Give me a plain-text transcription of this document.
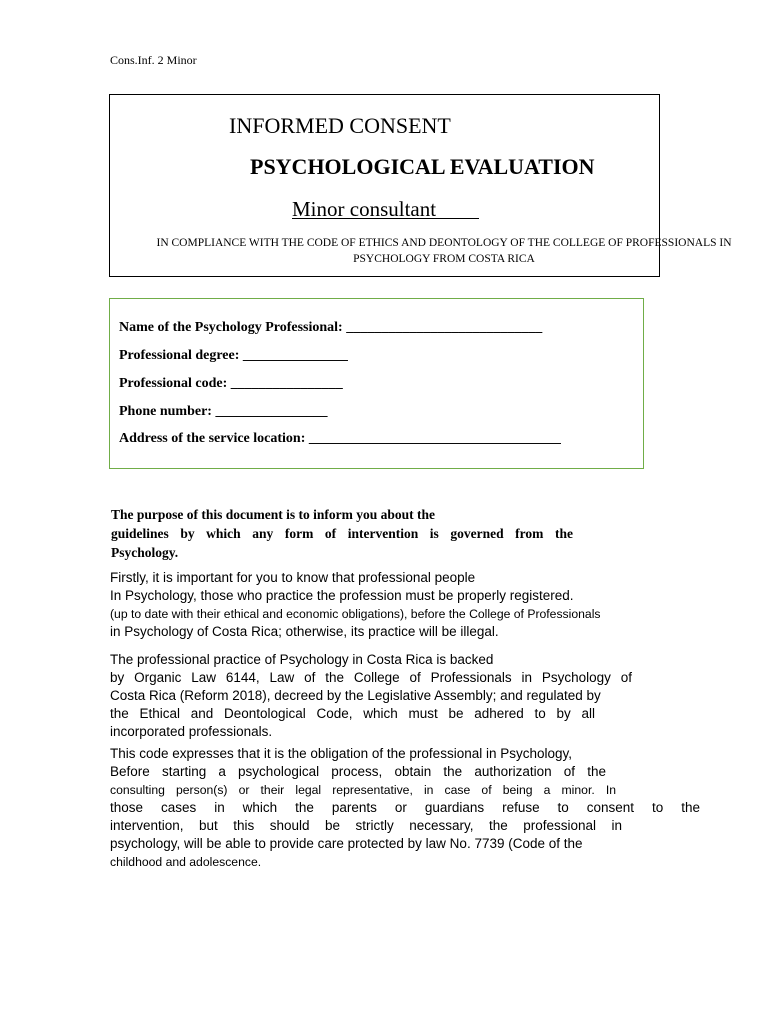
Cons.Inf. 2 Minor
INFORMED CONSENT
PSYCHOLOGICAL EVALUATION
Minor consultant
IN COMPLIANCE WITH THE CODE OF ETHICS AND DEONTOLOGY OF THE COLLEGE OF PROFESSIONALS IN PSYCHOLOGY FROM COSTA RICA
Name of the Psychology Professional: ____________________________
Professional degree: _______________
Professional code: ________________
Phone number: ________________
Address of the service location: ____________________________________
The purpose of this document is to inform you about the
guidelines by which any form of intervention is governed from the
Psychology.
Firstly, it is important for you to know that professional people
In Psychology, those who practice the profession must be properly registered.
(up to date with their ethical and economic obligations), before the College of Professionals
in Psychology of Costa Rica; otherwise, its practice will be illegal.
The professional practice of Psychology in Costa Rica is backed
by Organic Law 6144, Law of the College of Professionals in Psychology of
Costa Rica (Reform 2018), decreed by the Legislative Assembly; and regulated by
the Ethical and Deontological Code, which must be adhered to by all
incorporated professionals.
This code expresses that it is the obligation of the professional in Psychology,
Before starting a psychological process, obtain the authorization of the
consulting person(s) or their legal representative, in case of being a minor. In
those cases in which the parents or guardians refuse to consent to the
intervention, but this should be strictly necessary, the professional in
psychology, will be able to provide care protected by law No. 7739 (Code of the
childhood and adolescence.
